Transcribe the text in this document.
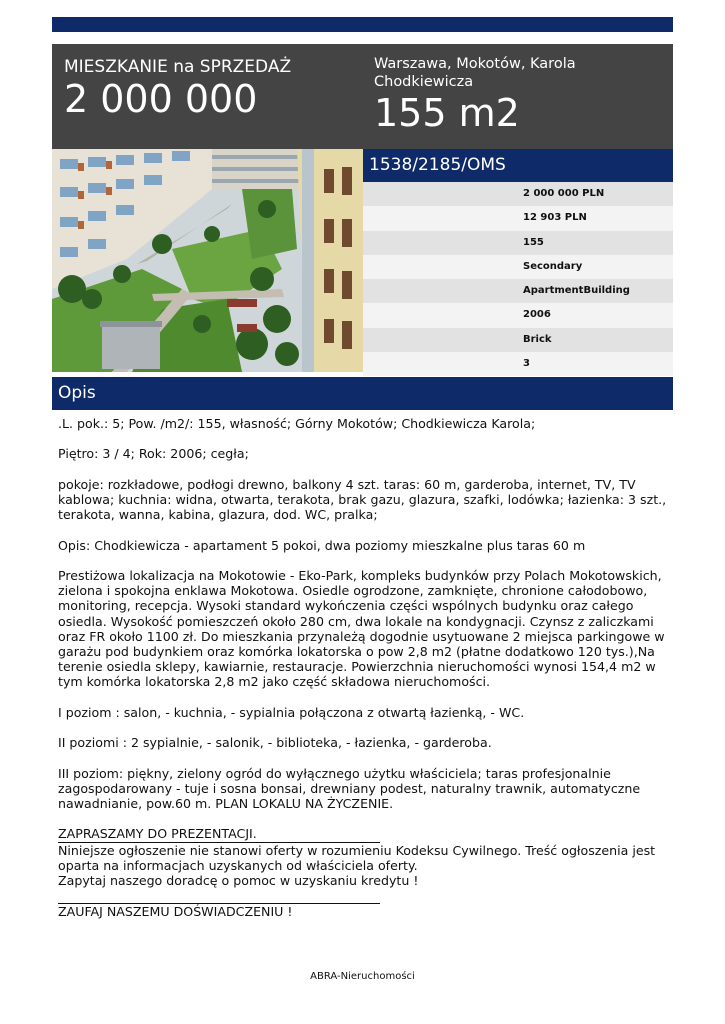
MIESZKANIE na SPRZEDAŻ
2 000 000
Warszawa, Mokotów, Karola Chodkiewicza
155 m2
1538/2185/OMS
2 000 000 PLN
12 903 PLN
155
Secondary
ApartmentBuilding
2006
Brick
3
Opis

.L. pok.: 5; Pow. /m2/: 155, własność; Górny Mokotów; Chodkiewicza Karola;

Piętro: 3 / 4; Rok: 2006; cegła;

pokoje: rozkładowe, podłogi drewno, balkony 4 szt. taras: 60 m, garderoba, internet, TV, TV kablowa; kuchnia: widna, otwarta, terakota, brak gazu, glazura, szafki, lodówka; łazienka: 3 szt., terakota, wanna, kabina, glazura, dod. WC, pralka;

Opis: Chodkiewicza - apartament 5 pokoi, dwa poziomy mieszkalne plus taras 60 m

Prestiżowa lokalizacja na Mokotowie - Eko-Park, kompleks budynków przy Polach Mokotowskich, zielona i spokojna enklawa Mokotowa. Osiedle ogrodzone, zamknięte, chronione całodobowo, monitoring, recepcja. Wysoki standard wykończenia części wspólnych budynku oraz całego osiedla. Wysokość pomieszczeń około 280 cm, dwa lokale na kondygnacji. Czynsz z zaliczkami oraz FR około 1100 zł. Do mieszkania przynależą dogodnie usytuowane 2 miejsca parkingowe w garażu pod budynkiem oraz komórka lokatorska o pow 2,8 m2 (płatne dodatkowo 120 tys.),Na terenie osiedla sklepy, kawiarnie, restauracje. Powierzchnia nieruchomości wynosi 154,4 m2 w tym komórka lokatorska 2,8 m2 jako część składowa nieruchomości.

I poziom : salon, - kuchnia, - sypialnia połączona z otwartą łazienką, - WC.

II poziomi : 2 sypialnie, - salonik, - biblioteka, - łazienka, - garderoba.

III poziom: piękny, zielony ogród do wyłącznego użytku właściciela; taras profesjonalnie zagospodarowany - tuje i sosna bonsai, drewniany podest, naturalny trawnik, automatyczne nawadnianie, pow.60 m. PLAN LOKALU NA ŻYCZENIE.

ZAPRASZAMY DO PREZENTACJI.

Niniejsze ogłoszenie nie stanowi oferty w rozumieniu Kodeksu Cywilnego. Treść ogłoszenia jest oparta na informacjach uzyskanych od właściciela oferty.

Zapytaj naszego doradcę o pomoc w uzyskaniu kredytu !

ZAUFAJ NASZEMU DOŚWIADCZENIU !

ABRA-Nieruchomości
